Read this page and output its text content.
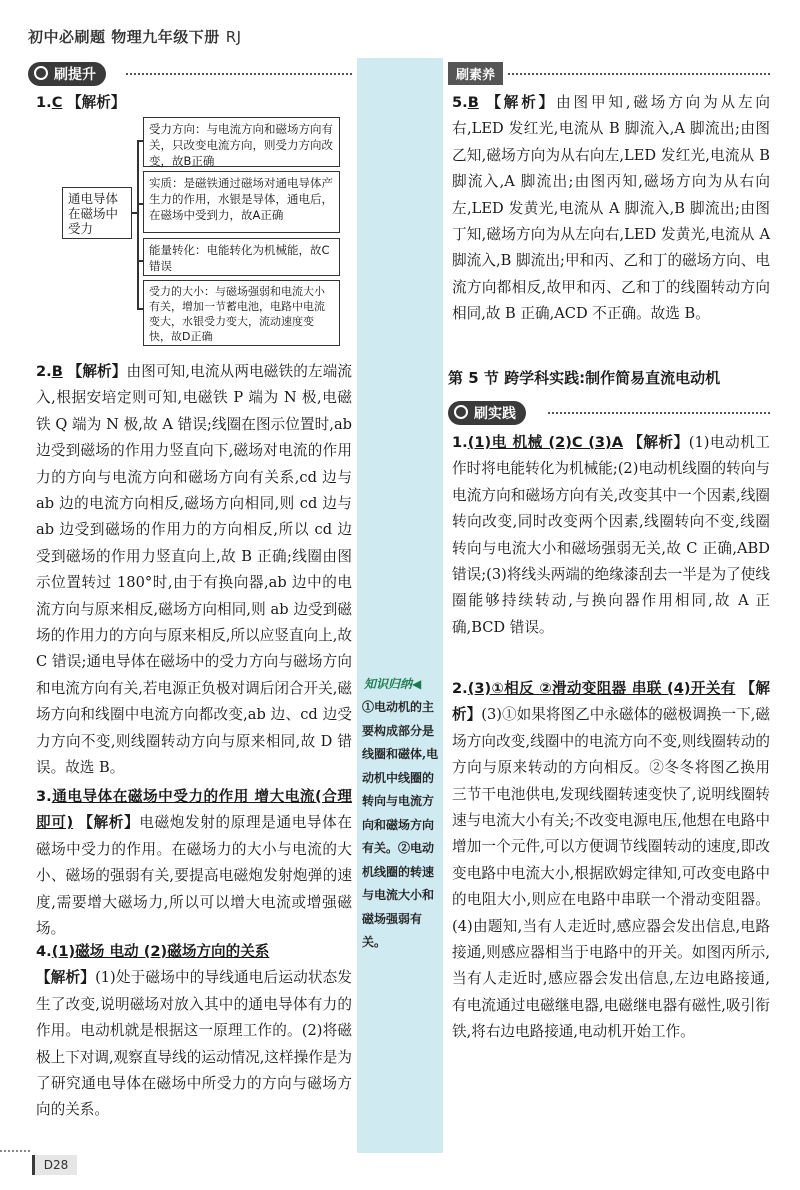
初中必刷题 物理九年级下册 RJ
刷提升
1.C 【解析】
通电导体在磁场中受力
受力方向：与电流方向和磁场方向有关，只改变电流方向，则受力方向改变，故B正确
实质：是磁铁通过磁场对通电导体产生力的作用，水银是导体，通电后，在磁场中受到力，故A正确
能量转化：电能转化为机械能，故C错误
受力的大小：与磁场强弱和电流大小有关，增加一节蓄电池，电路中电流变大，水银受力变大，流动速度变快，故D正确
2.B 【解析】由图可知,电流从两电磁铁的左端流入,根据安培定则可知,电磁铁 P 端为 N 极,电磁铁 Q 端为 N 极,故 A 错误;线圈在图示位置时,ab 边受到磁场的作用力竖直向下,磁场对电流的作用力的方向与电流方向和磁场方向有关系,cd 边与 ab 边的电流方向相反,磁场方向相同,则 cd 边与 ab 边受到磁场的作用力的方向相反,所以 cd 边受到磁场的作用力竖直向上,故 B 正确;线圈由图示位置转过 180°时,由于有换向器,ab 边中的电流方向与原来相反,磁场方向相同,则 ab 边受到磁场的作用力的方向与原来相反,所以应竖直向上,故 C 错误;通电导体在磁场中的受力方向与磁场方向和电流方向有关,若电源正负极对调后闭合开关,磁场方向和线圈中电流方向都改变,ab 边、cd 边受力方向不变,则线圈转动方向与原来相同,故 D 错误。故选 B。
3.通电导体在磁场中受力的作用 增大电流(合理即可) 【解析】电磁炮发射的原理是通电导体在磁场中受力的作用。在磁场力的大小与电流的大小、磁场的强弱有关,要提高电磁炮发射炮弹的速度,需要增大磁场力,所以可以增大电流或增强磁场。
4.(1)磁场 电动 (2)磁场方向的关系
【解析】(1)处于磁场中的导线通电后运动状态发生了改变,说明磁场对放入其中的通电导体有力的作用。电动机就是根据这一原理工作的。(2)将磁极上下对调,观察直导线的运动情况,这样操作是为了研究通电导体在磁场中所受力的方向与磁场方向的关系。
知识归纳◀
①电动机的主要构成部分是线圈和磁体,电动机中线圈的转向与电流方向和磁场方向有关。②电动机线圈的转速与电流大小和磁场强弱有关。
刷素养
5.B 【解析】由图甲知,磁场方向为从左向右,LED 发红光,电流从 B 脚流入,A 脚流出;由图乙知,磁场方向为从右向左,LED 发红光,电流从 B 脚流入,A 脚流出;由图丙知,磁场方向为从右向左,LED 发黄光,电流从 A 脚流入,B 脚流出;由图丁知,磁场方向为从左向右,LED 发黄光,电流从 A 脚流入,B 脚流出;甲和丙、乙和丁的磁场方向、电流方向都相反,故甲和丙、乙和丁的线圈转动方向相同,故 B 正确,ACD 不正确。故选 B。
第 5 节 跨学科实践:制作简易直流电动机
刷实践
1.(1)电 机械 (2)C (3)A 【解析】(1)电动机工作时将电能转化为机械能;(2)电动机线圈的转向与电流方向和磁场方向有关,改变其中一个因素,线圈转向改变,同时改变两个因素,线圈转向不变,线圈转向与电流大小和磁场强弱无关,故 C 正确,ABD 错误;(3)将线头两端的绝缘漆刮去一半是为了使线圈能够持续转动,与换向器作用相同,故 A 正确,BCD 错误。
2.(3)①相反 ②滑动变阻器 串联 (4)开关有 【解析】(3)①如果将图乙中永磁体的磁极调换一下,磁场方向改变,线圈中的电流方向不变,则线圈转动的方向与原来转动的方向相反。②冬冬将图乙换用三节干电池供电,发现线圈转速变快了,说明线圈转速与电流大小有关;不改变电源电压,他想在电路中增加一个元件,可以方便调节线圈转动的速度,即改变电路中电流大小,根据欧姆定律知,可改变电路中的电阻大小,则应在电路中串联一个滑动变阻器。(4)由题知,当有人走近时,感应器会发出信息,电路接通,则感应器相当于电路中的开关。如图丙所示,当有人走近时,感应器会发出信息,左边电路接通,有电流通过电磁继电器,电磁继电器有磁性,吸引衔铁,将右边电路接通,电动机开始工作。
D28
